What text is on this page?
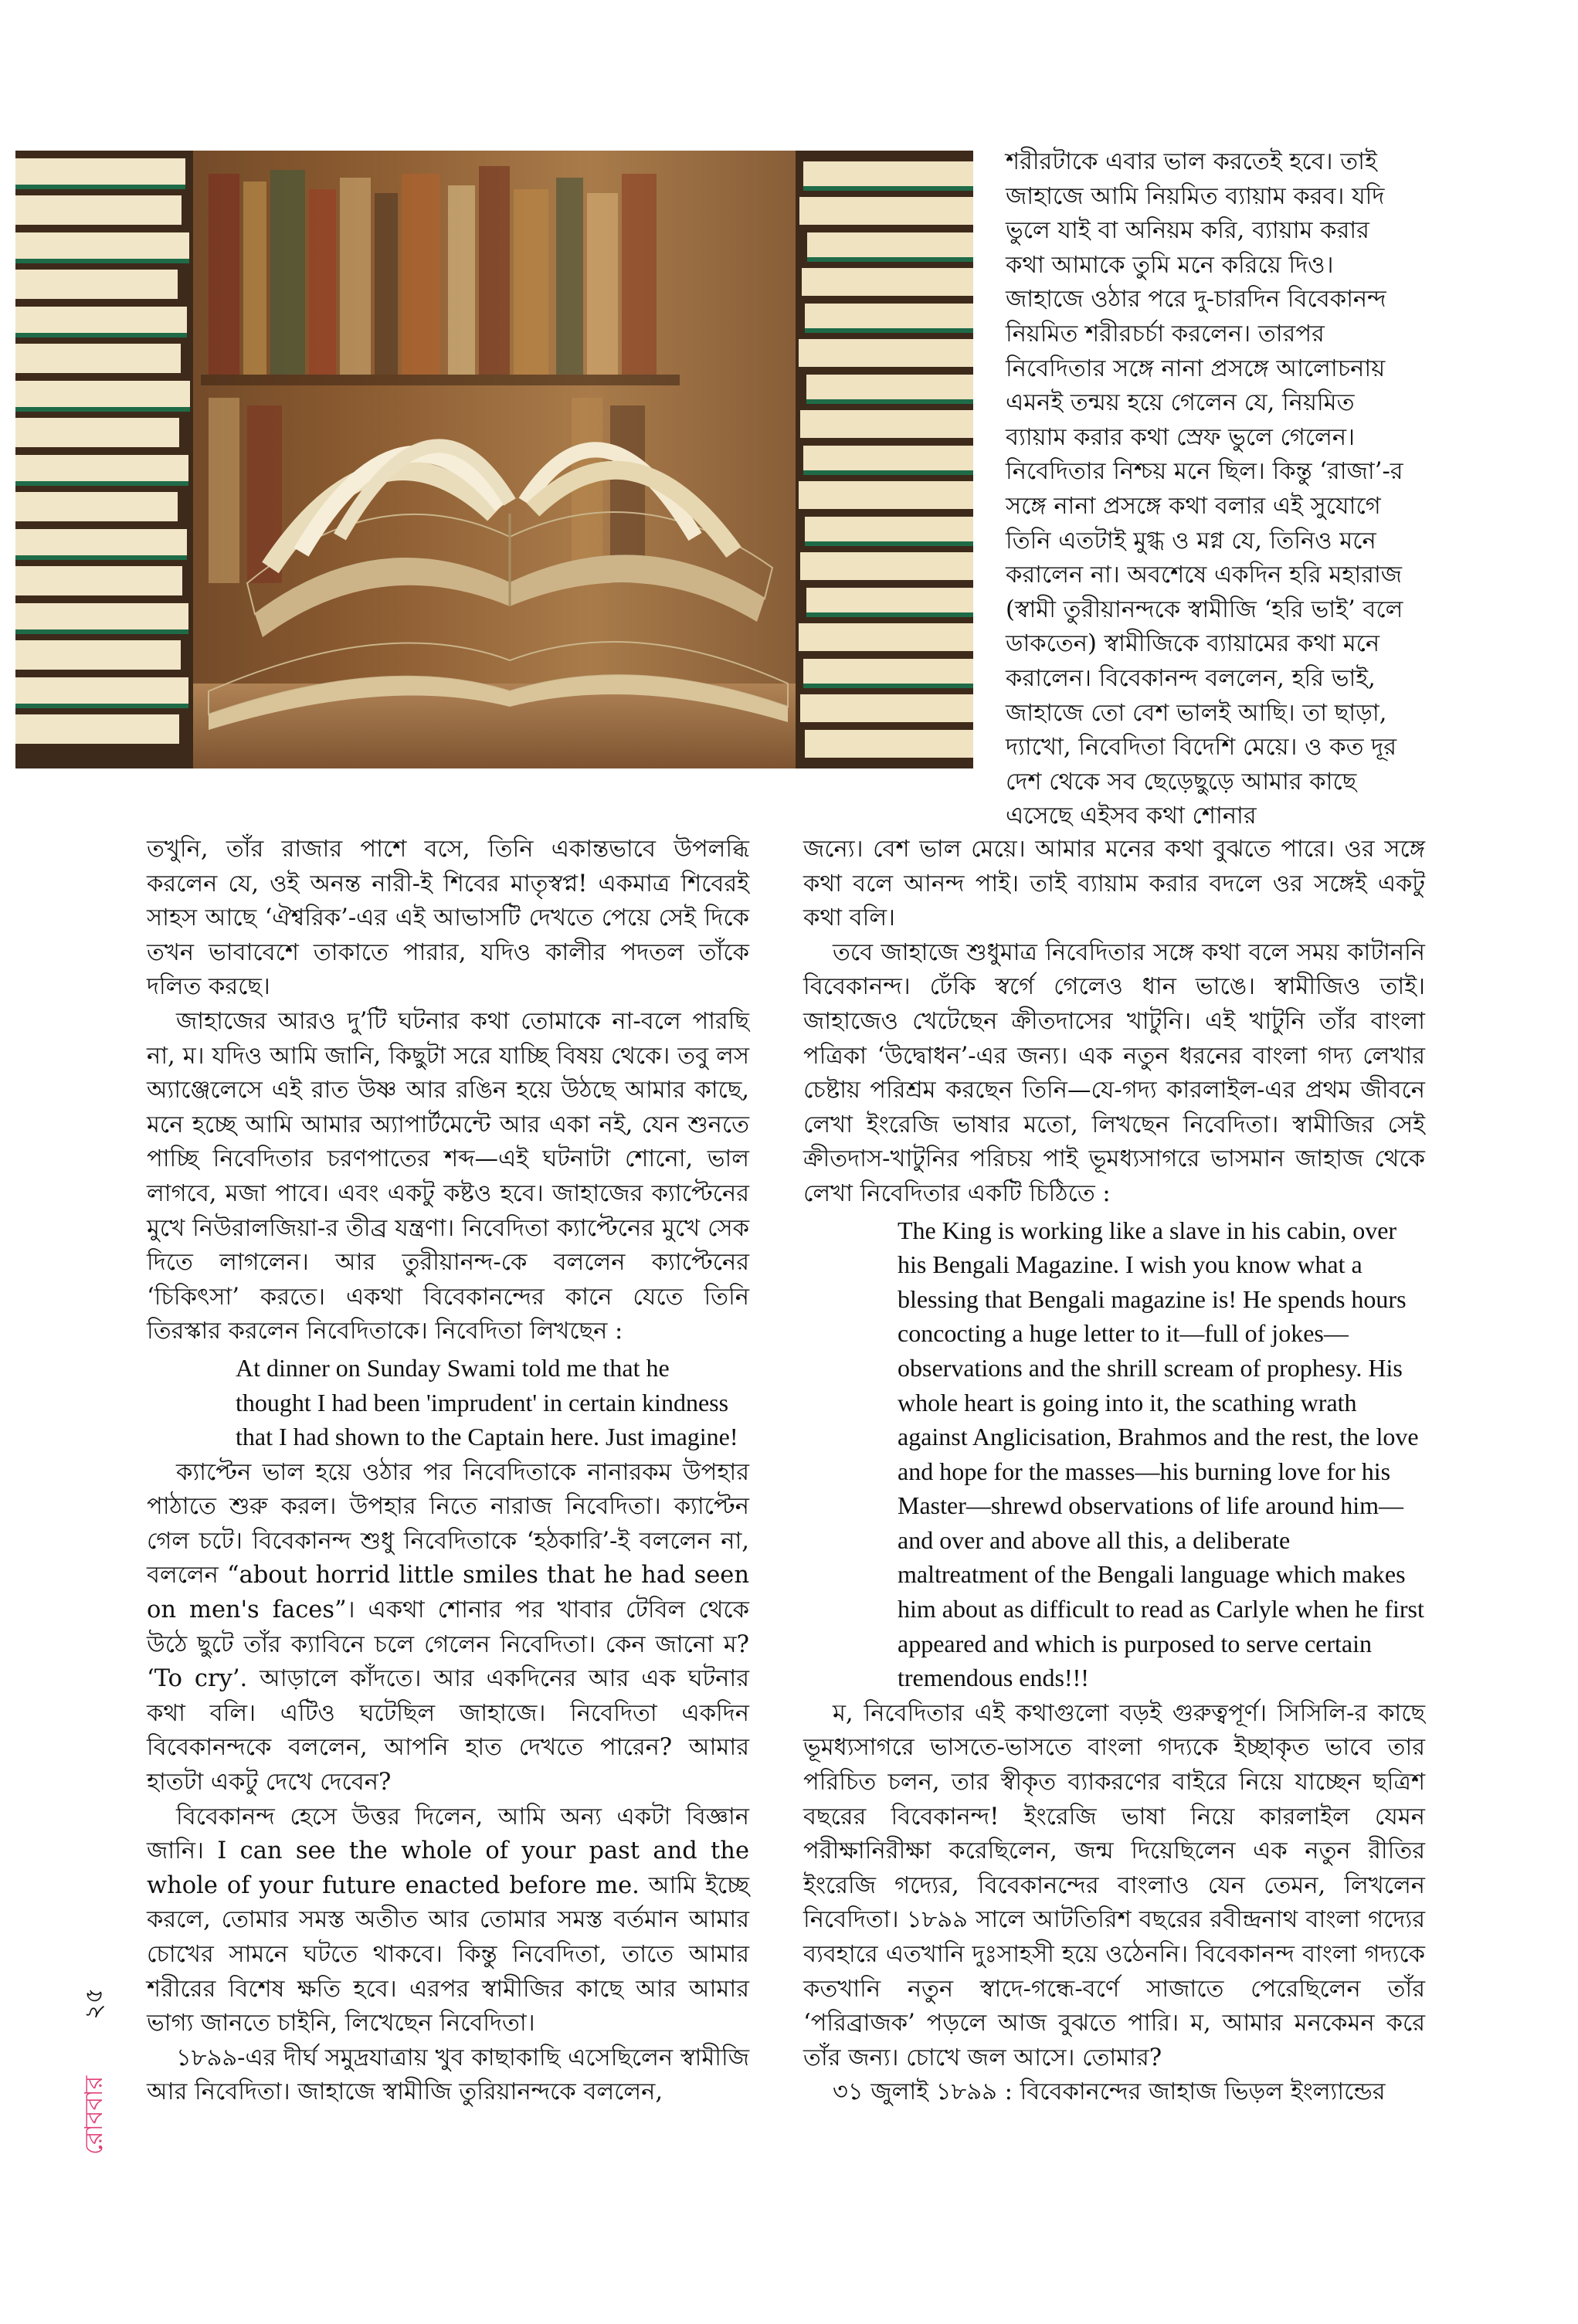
শরীরটাকে এবার ভাল করতেই হবে। তাই জাহাজে আমি নিয়মিত ব্যায়াম করব। যদি ভুলে যাই বা অনিয়ম করি, ব্যায়াম করার কথা আমাকে তুমি মনে করিয়ে দিও। জাহাজে ওঠার পরে দু-চারদিন বিবেকানন্দ নিয়মিত শরীরচর্চা করলেন। তারপর নিবেদিতার সঙ্গে নানা প্রসঙ্গে আলোচনায় এমনই তন্ময় হয়ে গেলেন যে, নিয়মিত ব্যায়াম করার কথা স্রেফ ভুলে গেলেন। নিবেদিতার নিশ্চয় মনে ছিল। কিন্তু ‘রাজা’-র সঙ্গে নানা প্রসঙ্গে কথা বলার এই সুযোগে তিনি এতটাই মুগ্ধ ও মগ্ন যে, তিনিও মনে করালেন না। অবশেষে একদিন হরি মহারাজ (স্বামী তুরীয়ানন্দকে স্বামীজি ‘হরি ভাই’ বলে ডাকতেন) স্বামীজিকে ব্যায়ামের কথা মনে করালেন। বিবেকানন্দ বললেন, হরি ভাই, জাহাজে তো বেশ ভালই আছি। তা ছাড়া, দ্যাখো, নিবেদিতা বিদেশি মেয়ে। ও কত দূর দেশ থেকে সব ছেড়েছুড়ে আমার কাছে এসেছে এইসব কথা শোনার

তখুনি, তাঁর রাজার পাশে বসে, তিনি একান্তভাবে উপলব্ধি করলেন যে, ওই অনন্ত নারী-ই শিবের মাতৃস্বপ্ন! একমাত্র শিবেরই সাহস আছে ‘ঐশ্বরিক’-এর এই আভাসটি দেখতে পেয়ে সেই দিকে তখন ভাবাবেশে তাকাতে পারার, যদিও কালীর পদতল তাঁকে দলিত করছে।

জাহাজের আরও দু’টি ঘটনার কথা তোমাকে না-বলে পারছি না, ম। যদিও আমি জানি, কিছুটা সরে যাচ্ছি বিষয় থেকে। তবু লস অ্যাঞ্জেলেসে এই রাত উষ্ণ আর রঙিন হয়ে উঠছে আমার কাছে, মনে হচ্ছে আমি আমার অ্যাপার্টমেন্টে আর একা নই, যেন শুনতে পাচ্ছি নিবেদিতার চরণপাতের শব্দ—এই ঘটনাটা শোনো, ভাল লাগবে, মজা পাবে। এবং একটু কষ্টও হবে। জাহাজের ক্যাপ্টেনের মুখে নিউরালজিয়া-র তীব্র যন্ত্রণা। নিবেদিতা ক্যাপ্টেনের মুখে সেক দিতে লাগলেন। আর তুরীয়ানন্দ-কে বললেন ক্যাপ্টেনের ‘চিকিৎসা’ করতে। একথা বিবেকানন্দের কানে যেতে তিনি তিরস্কার করলেন নিবেদিতাকে। নিবেদিতা লিখছেন :

At dinner on Sunday Swami told me that he thought I had been 'imprudent' in certain kindness that I had shown to the Captain here. Just imagine!

ক্যাপ্টেন ভাল হয়ে ওঠার পর নিবেদিতাকে নানারকম উপহার পাঠাতে শুরু করল। উপহার নিতে নারাজ নিবেদিতা। ক্যাপ্টেন গেল চটে। বিবেকানন্দ শুধু নিবেদিতাকে ‘হঠকারি’-ই বললেন না, বললেন “about horrid little smiles that he had seen on men's faces”। একথা শোনার পর খাবার টেবিল থেকে উঠে ছুটে তাঁর ক্যাবিনে চলে গেলেন নিবেদিতা। কেন জানো ম? ‘To cry’. আড়ালে কাঁদতে। আর একদিনের আর এক ঘটনার কথা বলি। এটিও ঘটেছিল জাহাজে। নিবেদিতা একদিন বিবেকানন্দকে বললেন, আপনি হাত দেখতে পারেন? আমার হাতটা একটু দেখে দেবেন?

বিবেকানন্দ হেসে উত্তর দিলেন, আমি অন্য একটা বিজ্ঞান জানি। I can see the whole of your past and the whole of your future enacted before me. আমি ইচ্ছে করলে, তোমার সমস্ত অতীত আর তোমার সমস্ত বর্তমান আমার চোখের সামনে ঘটতে থাকবে। কিন্তু নিবেদিতা, তাতে আমার শরীরের বিশেষ ক্ষতি হবে। এরপর স্বামীজির কাছে আর আমার ভাগ্য জানতে চাইনি, লিখেছেন নিবেদিতা।

১৮৯৯-এর দীর্ঘ সমুদ্রযাত্রায় খুব কাছাকাছি এসেছিলেন স্বামীজি আর নিবেদিতা। জাহাজে স্বামীজি তুরিয়ানন্দকে বললেন,

জন্যে। বেশ ভাল মেয়ে। আমার মনের কথা বুঝতে পারে। ওর সঙ্গে কথা বলে আনন্দ পাই। তাই ব্যায়াম করার বদলে ওর সঙ্গেই একটু কথা বলি।

তবে জাহাজে শুধুমাত্র নিবেদিতার সঙ্গে কথা বলে সময় কাটাননি বিবেকানন্দ। ঢেঁকি স্বর্গে গেলেও ধান ভাঙে। স্বামীজিও তাই। জাহাজেও খেটেছেন ক্রীতদাসের খাটুনি। এই খাটুনি তাঁর বাংলা পত্রিকা ‘উদ্বোধন’-এর জন্য। এক নতুন ধরনের বাংলা গদ্য লেখার চেষ্টায় পরিশ্রম করছেন তিনি—যে-গদ্য কারলাইল-এর প্রথম জীবনে লেখা ইংরেজি ভাষার মতো, লিখছেন নিবেদিতা। স্বামীজির সেই ক্রীতদাস-খাটুনির পরিচয় পাই ভূমধ্যসাগরে ভাসমান জাহাজ থেকে লেখা নিবেদিতার একটি চিঠিতে :

The King is working like a slave in his cabin, over his Bengali Magazine. I wish you know what a blessing that Bengali magazine is! He spends hours concocting a huge letter to it—full of jokes—observations and the shrill scream of prophesy. His whole heart is going into it, the scathing wrath against Anglicisation, Brahmos and the rest, the love and hope for the masses—his burning love for his Master—shrewd observations of life around him—and over and above all this, a deliberate maltreatment of the Bengali language which makes him about as difficult to read as Carlyle when he first appeared and which is purposed to serve certain tremendous ends!!!

ম, নিবেদিতার এই কথাগুলো বড়ই গুরুত্বপূর্ণ। সিসিলি-র কাছে ভূমধ্যসাগরে ভাসতে-ভাসতে বাংলা গদ্যকে ইচ্ছাকৃত ভাবে তার পরিচিত চলন, তার স্বীকৃত ব্যাকরণের বাইরে নিয়ে যাচ্ছেন ছত্রিশ বছরের বিবেকানন্দ! ইংরেজি ভাষা নিয়ে কারলাইল যেমন পরীক্ষানিরীক্ষা করেছিলেন, জন্ম দিয়েছিলেন এক নতুন রীতির ইংরেজি গদ্যের, বিবেকানন্দের বাংলাও যেন তেমন, লিখলেন নিবেদিতা। ১৮৯৯ সালে আটতিরিশ বছরের রবীন্দ্রনাথ বাংলা গদ্যের ব্যবহারে এতখানি দুঃসাহসী হয়ে ওঠেননি। বিবেকানন্দ বাংলা গদ্যকে কতখানি নতুন স্বাদে-গন্ধে-বর্ণে সাজাতে পেরেছিলেন তাঁর ‘পরিব্রাজক’ পড়লে আজ বুঝতে পারি। ম, আমার মনকেমন করে তাঁর জন্য। চোখে জল আসে। তোমার?

৩১ জুলাই ১৮৯৯ : বিবেকানন্দের জাহাজ ভিড়ল ইংল্যান্ডের

২৫
রোববার
